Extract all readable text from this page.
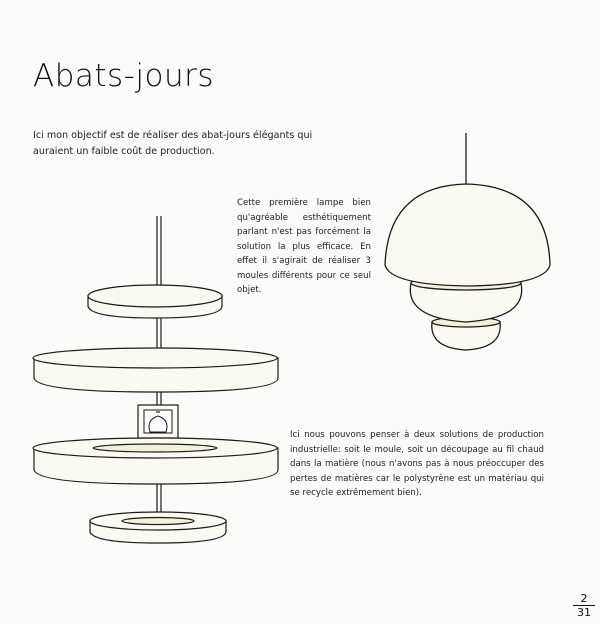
Abats-jours
Ici mon objectif est de réaliser des abat-jours élégants qui auraient un faible coût de production.
Cette première lampe bien qu'agréable esthétiquement parlant n'est pas forcément la solution la plus efficace. En effet il s'agirait de réaliser 3 moules différents pour ce seul objet.
Ici nous pouvons penser à deux solutions de production industrielle: soit le moule, soit un découpage au fil chaud dans la matière (nous n'avons pas à nous préoccuper des pertes de matières car le polystyrène est un matériau qui se recycle extrêmement bien).
2
31
